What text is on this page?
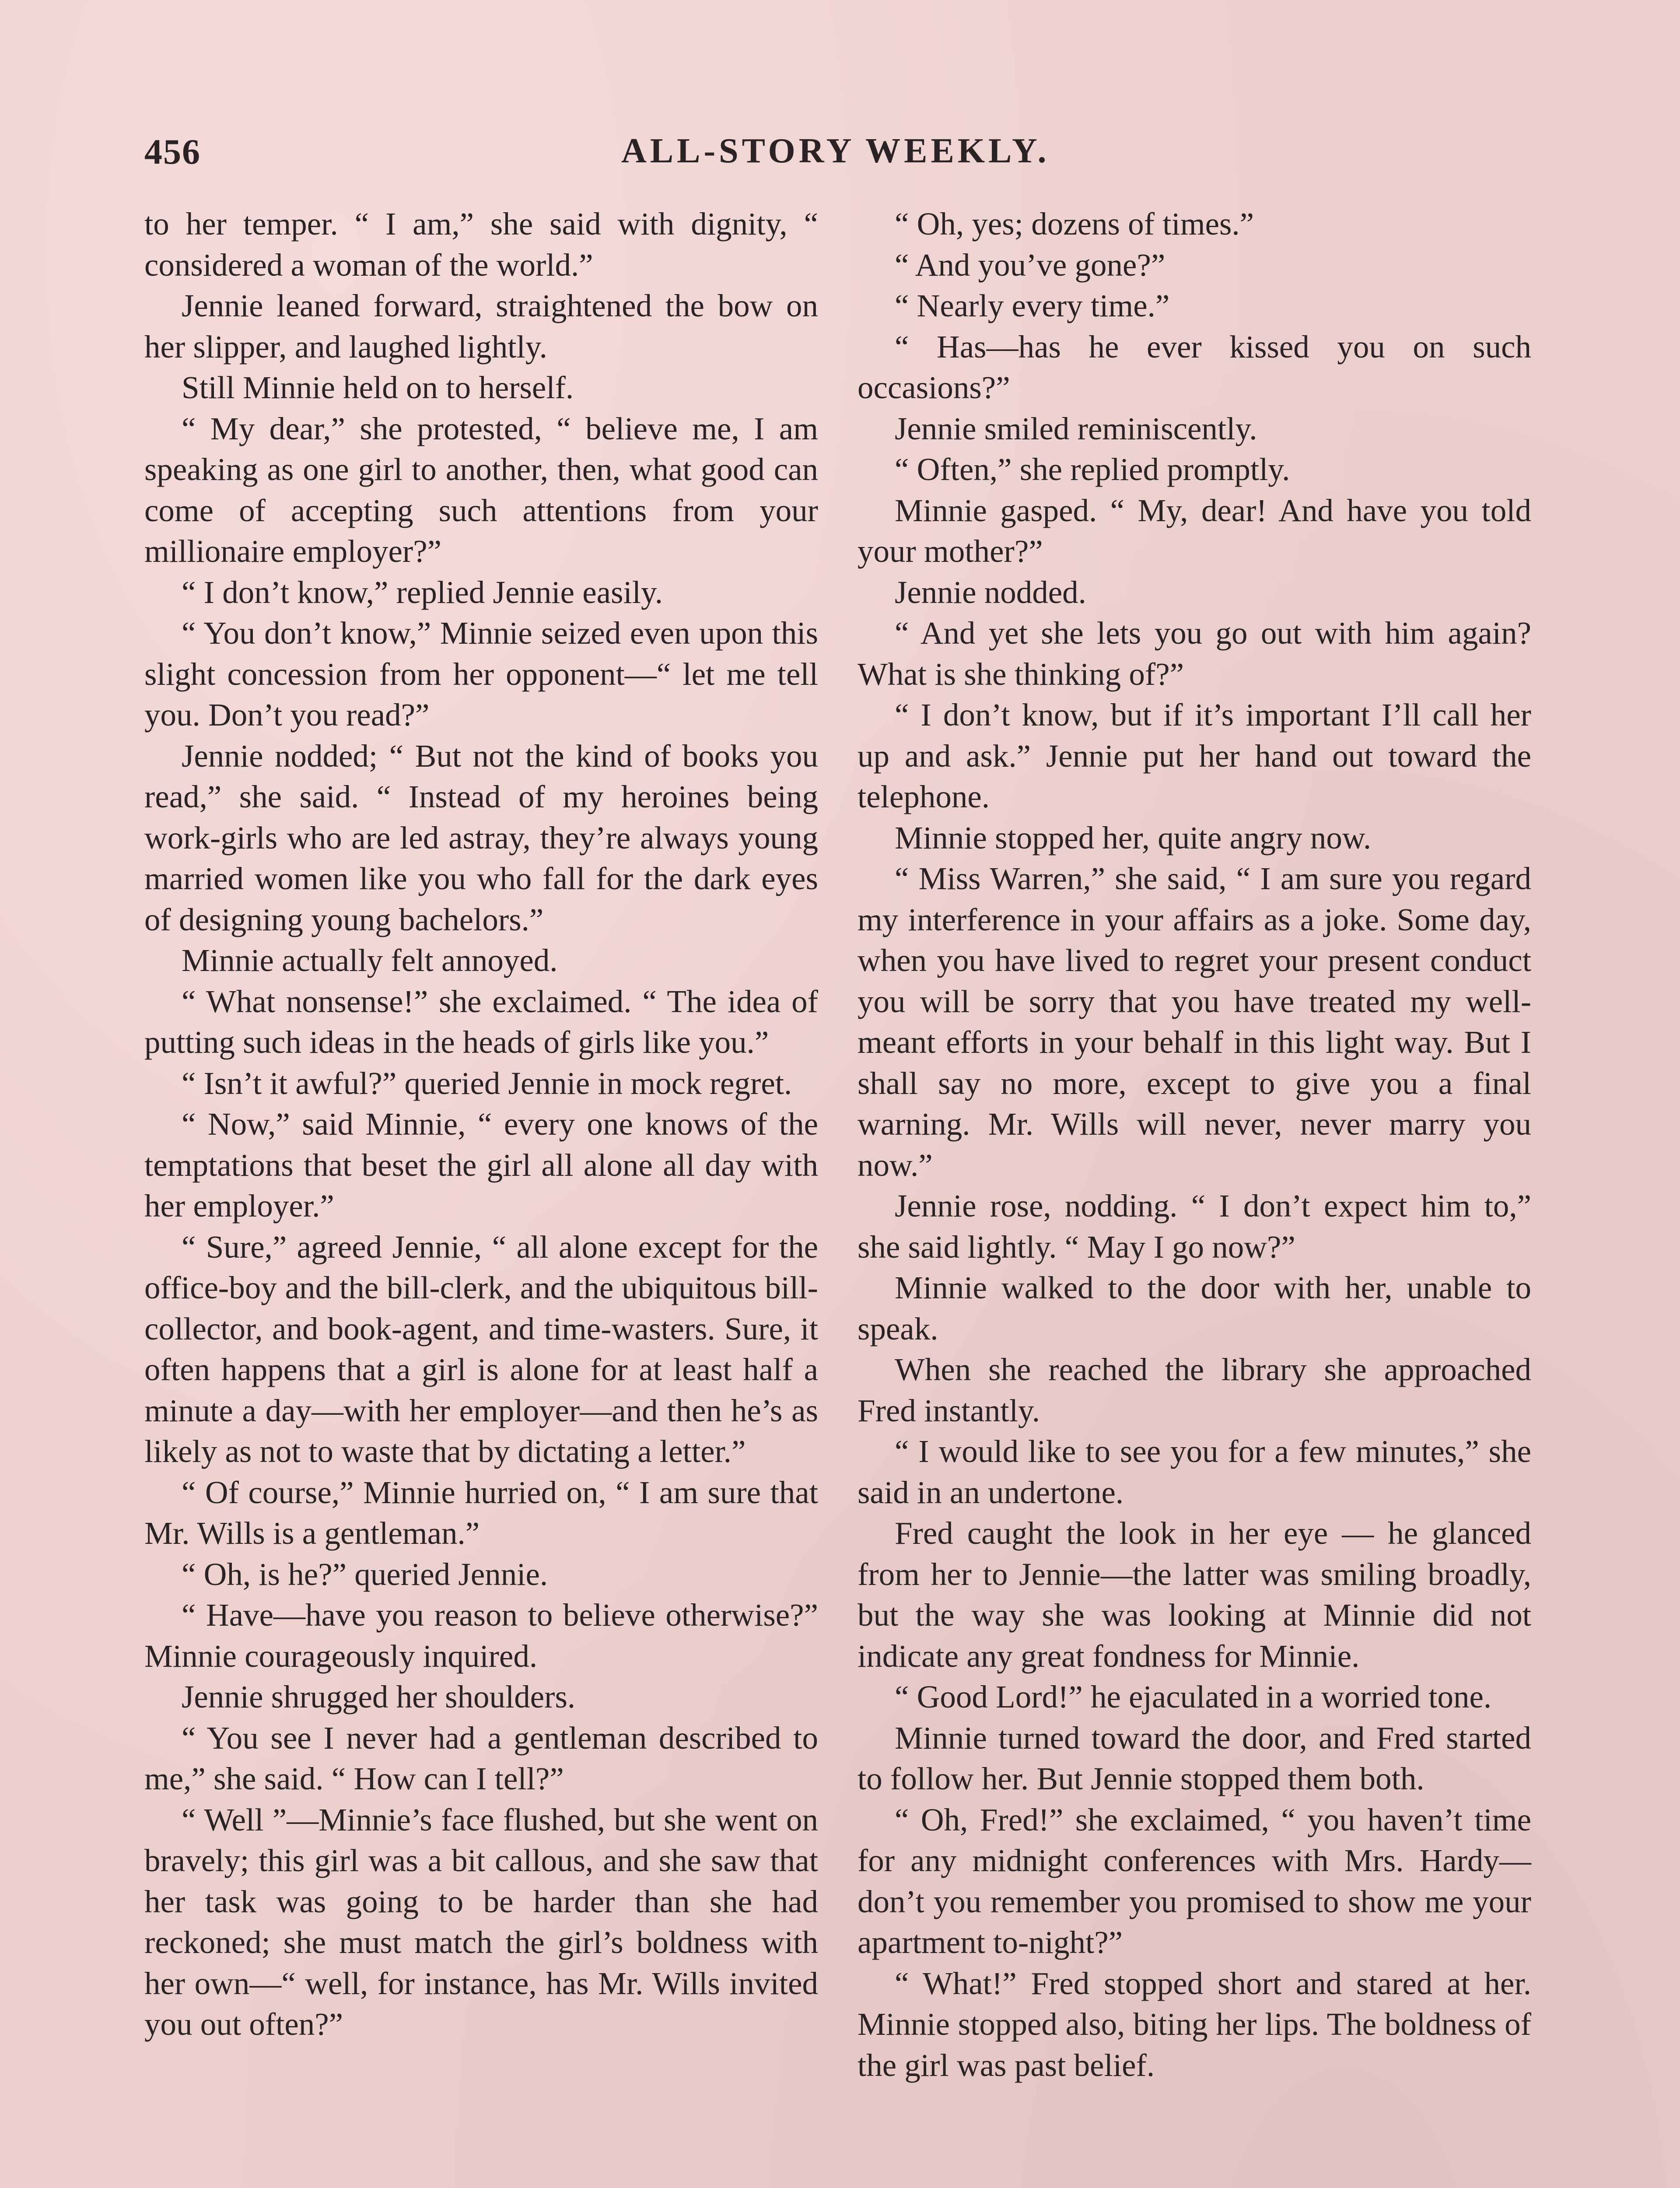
456	ALL-STORY WEEKLY.

to her temper. “ I am,” she said with dignity, “ considered a woman of the world.”

Jennie leaned forward, straightened the bow on her slipper, and laughed lightly.

Still Minnie held on to herself.

“ My dear,” she protested, “ believe me, I am speaking as one girl to another, then, what good can come of accepting such attentions from your millionaire employer?”

“ I don’t know,” replied Jennie easily.

“ You don’t know,” Minnie seized even upon this slight concession from her opponent—“ let me tell you. Don’t you read?”

Jennie nodded; “ But not the kind of books you read,” she said. “ Instead of my heroines being work-girls who are led astray, they’re always young married women like you who fall for the dark eyes of designing young bachelors.”

Minnie actually felt annoyed.

“ What nonsense!” she exclaimed. “ The idea of putting such ideas in the heads of girls like you.”

“ Isn’t it awful?” queried Jennie in mock regret.

“ Now,” said Minnie, “ every one knows of the temptations that beset the girl all alone all day with her employer.”

“ Sure,” agreed Jennie, “ all alone except for the office-boy and the bill-clerk, and the ubiquitous bill-collector, and book-agent, and time-wasters. Sure, it often happens that a girl is alone for at least half a minute a day—with her employer—and then he’s as likely as not to waste that by dictating a letter.”

“ Of course,” Minnie hurried on, “ I am sure that Mr. Wills is a gentleman.”

“ Oh, is he?” queried Jennie.

“ Have—have you reason to believe otherwise?” Minnie courageously inquired.

Jennie shrugged her shoulders.

“ You see I never had a gentleman described to me,” she said. “ How can I tell?”

“ Well ”—Minnie’s face flushed, but she went on bravely; this girl was a bit callous, and she saw that her task was going to be harder than she had reckoned; she must match the girl’s boldness with her own—“ well, for instance, has Mr. Wills invited you out often?”

“ Oh, yes; dozens of times.”

“ And you’ve gone?”

“ Nearly every time.”

“ Has—has he ever kissed you on such occasions?”

Jennie smiled reminiscently.

“ Often,” she replied promptly.

Minnie gasped. “ My, dear! And have you told your mother?”

Jennie nodded.

“ And yet she lets you go out with him again? What is she thinking of?”

“ I don’t know, but if it’s important I’ll call her up and ask.” Jennie put her hand out toward the telephone.

Minnie stopped her, quite angry now.

“ Miss Warren,” she said, “ I am sure you regard my interference in your affairs as a joke. Some day, when you have lived to regret your present conduct you will be sorry that you have treated my well-meant efforts in your behalf in this light way. But I shall say no more, except to give you a final warning. Mr. Wills will never, never marry you now.”

Jennie rose, nodding. “ I don’t expect him to,” she said lightly. “ May I go now?”

Minnie walked to the door with her, unable to speak.

When she reached the library she approached Fred instantly.

“ I would like to see you for a few minutes,” she said in an undertone.

Fred caught the look in her eye — he glanced from her to Jennie—the latter was smiling broadly, but the way she was looking at Minnie did not indicate any great fondness for Minnie.

“ Good Lord!” he ejaculated in a worried tone.

Minnie turned toward the door, and Fred started to follow her. But Jennie stopped them both.

“ Oh, Fred!” she exclaimed, “ you haven’t time for any midnight conferences with Mrs. Hardy—don’t you remember you promised to show me your apartment to-night?”

“ What!” Fred stopped short and stared at her. Minnie stopped also, biting her lips. The boldness of the girl was past belief.
